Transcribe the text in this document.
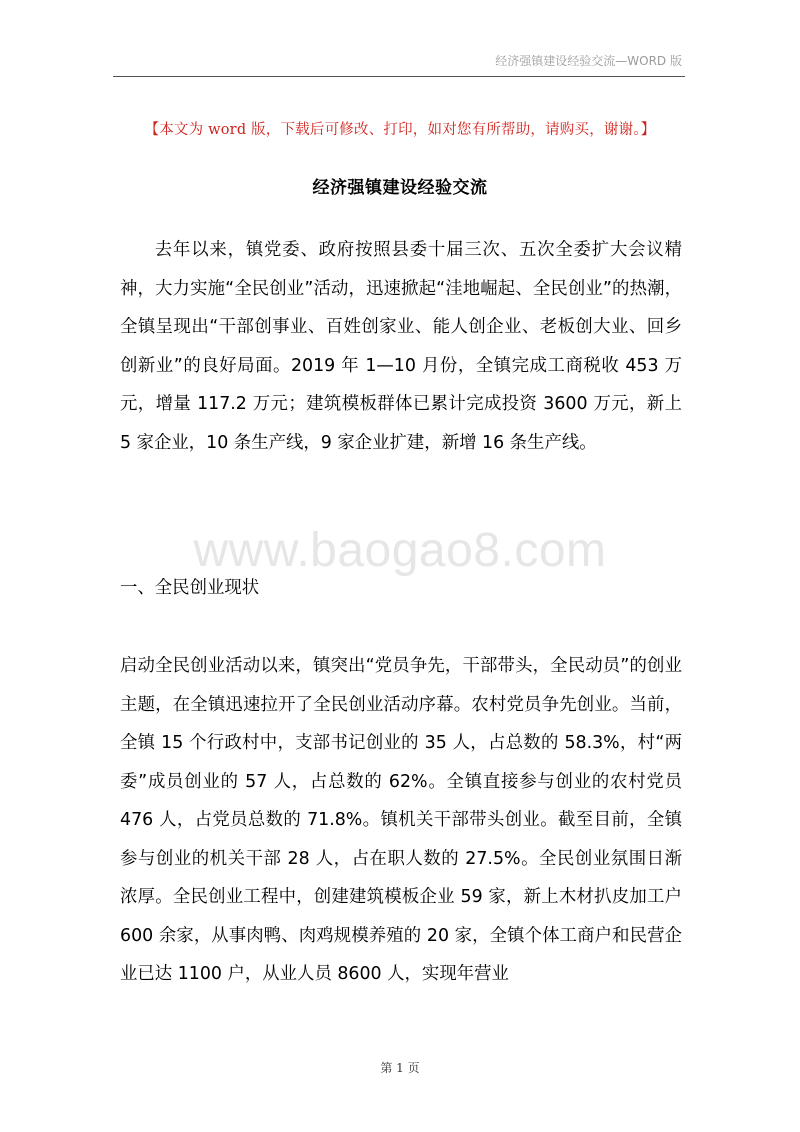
经济强镇建设经验交流—WORD 版
【本文为 word 版，下载后可修改、打印，如对您有所帮助，请购买，谢谢。】
经济强镇建设经验交流
去年以来，镇党委、政府按照县委十届三次、五次全委扩大会议精神，大力实施“全民创业”活动，迅速掀起“洼地崛起、全民创业”的热潮，全镇呈现出“干部创事业、百姓创家业、能人创企业、老板创大业、回乡创新业”的良好局面。2019 年 1—10 月份，全镇完成工商税收 453 万元，增量 117.2 万元；建筑模板群体已累计完成投资 3600 万元，新上 5 家企业，10 条生产线，9 家企业扩建，新增 16 条生产线。
www.baogao8.com
一、全民创业现状
启动全民创业活动以来，镇突出“党员争先，干部带头，全民动员”的创业主题，在全镇迅速拉开了全民创业活动序幕。农村党员争先创业。当前，全镇 15 个行政村中，支部书记创业的 35 人，占总数的 58.3%，村“两委”成员创业的 57 人，占总数的 62%。全镇直接参与创业的农村党员 476 人，占党员总数的 71.8%。镇机关干部带头创业。截至目前，全镇参与创业的机关干部 28 人，占在职人数的 27.5%。全民创业氛围日渐浓厚。全民创业工程中，创建建筑模板企业 59 家，新上木材扒皮加工户 600 余家，从事肉鸭、肉鸡规模养殖的 20 家，全镇个体工商户和民营企业已达 1100 户，从业人员 8600 人，实现年营业
第 1 页
